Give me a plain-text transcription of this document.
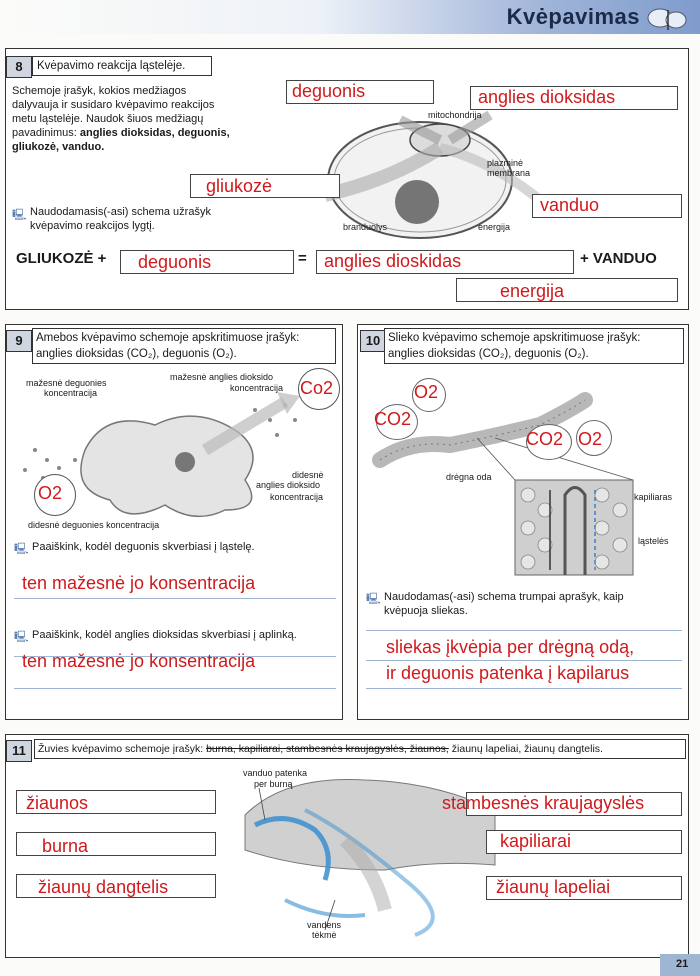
Kvėpavimas
8	Kvėpavimo reakcija ląstelėje.
Schemoje įrašyk, kokios medžiagos
dalyvauja ir susidaro kvėpavimo reakcijos
metu ląstelėje. Naudok šiuos medžiagų
pavadinimus: anglies dioksidas, deguonis,
gliukozė, vanduo.
mitochondrija
plazminė
membrana
branduolys	energija
deguonis	anglies dioksidas
gliukozė
vanduo
🖳 Naudodamasis(-asi) schema užrašyk
kvėpavimo reakcijos lygtį.
GLIUKOZĖ + deguonis	= anglies dioskidas	+ VANDUO
energija
9	Amebos kvėpavimo schemoje apskritimuose įrašyk:
anglies dioksidas (CO₂), deguonis (O₂).
mažesnė deguonies
koncentracija
mažesnė anglies dioksido
koncentracija
didesnė
anglies dioksido
koncentracija
didesnė deguonies koncentracija
Co2
O2
🖳 Paaiškink, kodėl deguonis skverbiasi į ląstelę.
ten mažesnė jo konsentracija
🖳 Paaiškink, kodėl anglies dioksidas skverbiasi į aplinką.
ten mažesnė jo konsentracija
10 Slieko kvėpavimo schemoje apskritimuose įrašyk:
anglies dioksidas (CO₂), deguonis (O₂).
O2
CO2
CO2 O2
drėgna oda
kapiliaras
ląstelės
🖳 Naudodamas(-asi) schema trumpai aprašyk, kaip
kvėpuoja sliekas.
sliekas įkvėpia per drėgną odą,
ir deguonis patenka į kapilarus
11	Žuvies kvėpavimo schemoje įrašyk: burna, kapiliarai, stambesnės kraujagyslės, žiaunos, žiaunų lapeliai, žiaunų dangtelis.
vanduo patenka
per burną
vandens
tėkmė
žiaunos
burna
žiaunų dangtelis
stambesnės kraujagyslės
kapiliarai
žiaunų lapeliai
21
